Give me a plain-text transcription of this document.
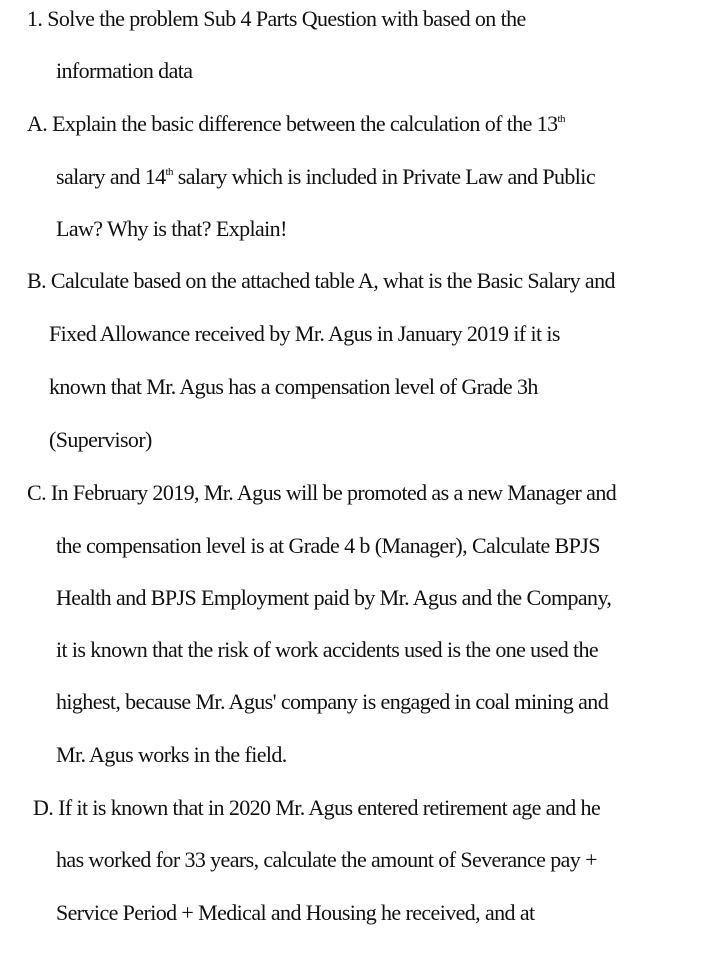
1. Solve the problem Sub 4 Parts Question with based on the
information data
A. Explain the basic difference between the calculation of the 13th
salary and 14th salary which is included in Private Law and Public
Law? Why is that? Explain!
B. Calculate based on the attached table A, what is the Basic Salary and
Fixed Allowance received by Mr. Agus in January 2019 if it is
known that Mr. Agus has a compensation level of Grade 3h
(Supervisor)
C. In February 2019, Mr. Agus will be promoted as a new Manager and
the compensation level is at Grade 4 b (Manager), Calculate BPJS
Health and BPJS Employment paid by Mr. Agus and the Company,
it is known that the risk of work accidents used is the one used the
highest, because Mr. Agus' company is engaged in coal mining and
Mr. Agus works in the field.
D. If it is known that in 2020 Mr. Agus entered retirement age and he
has worked for 33 years, calculate the amount of Severance pay +
Service Period + Medical and Housing he received, and at
